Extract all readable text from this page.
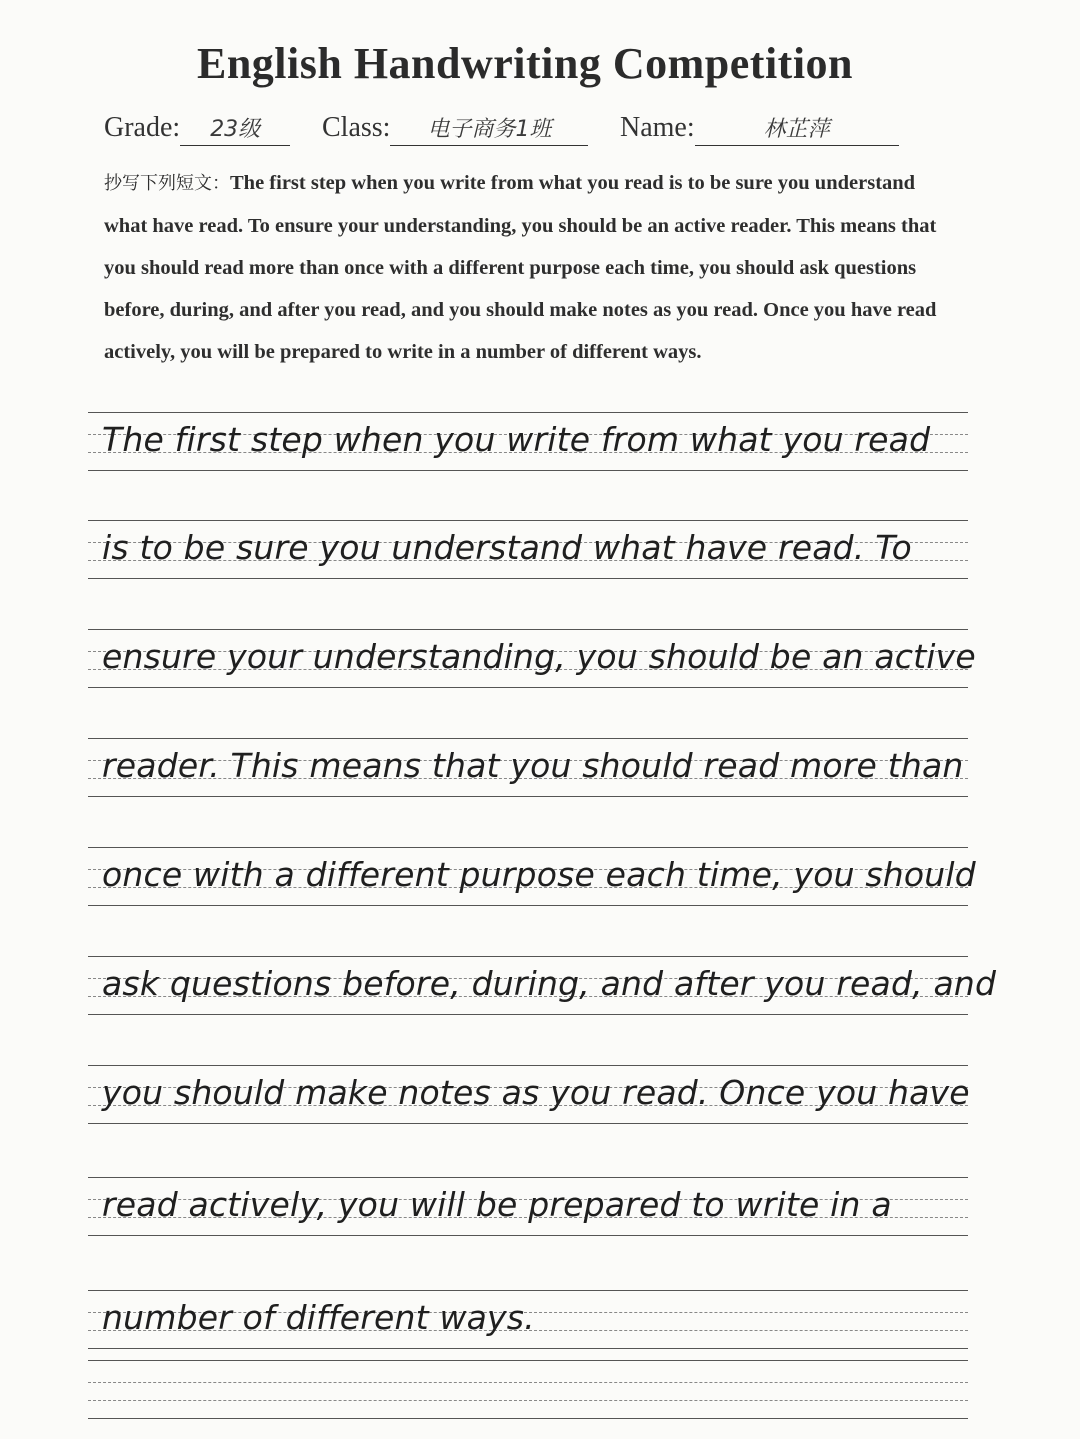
English Handwriting Competition
Grade: 23级	Class: 电子商务1班	Name:	林芷萍
抄写下列短文：The first step when you write from what you read is to be sure you understand what have read. To ensure your understanding, you should be an active reader. This means that you should read more than once with a different purpose each time, you should ask questions before, during, and after you read, and you should make notes as you read. Once you have read actively, you will be prepared to write in a number of different ways.
The first step when you write from what you read
is to be sure you understand what have read. To
ensure your understanding, you should be an active
reader. This means that you should read more than
once with a different purpose each time, you should
ask questions before, during, and after you read, and
you should make notes as you read. Once you have
read actively, you will be prepared to write in a
number of different ways.
